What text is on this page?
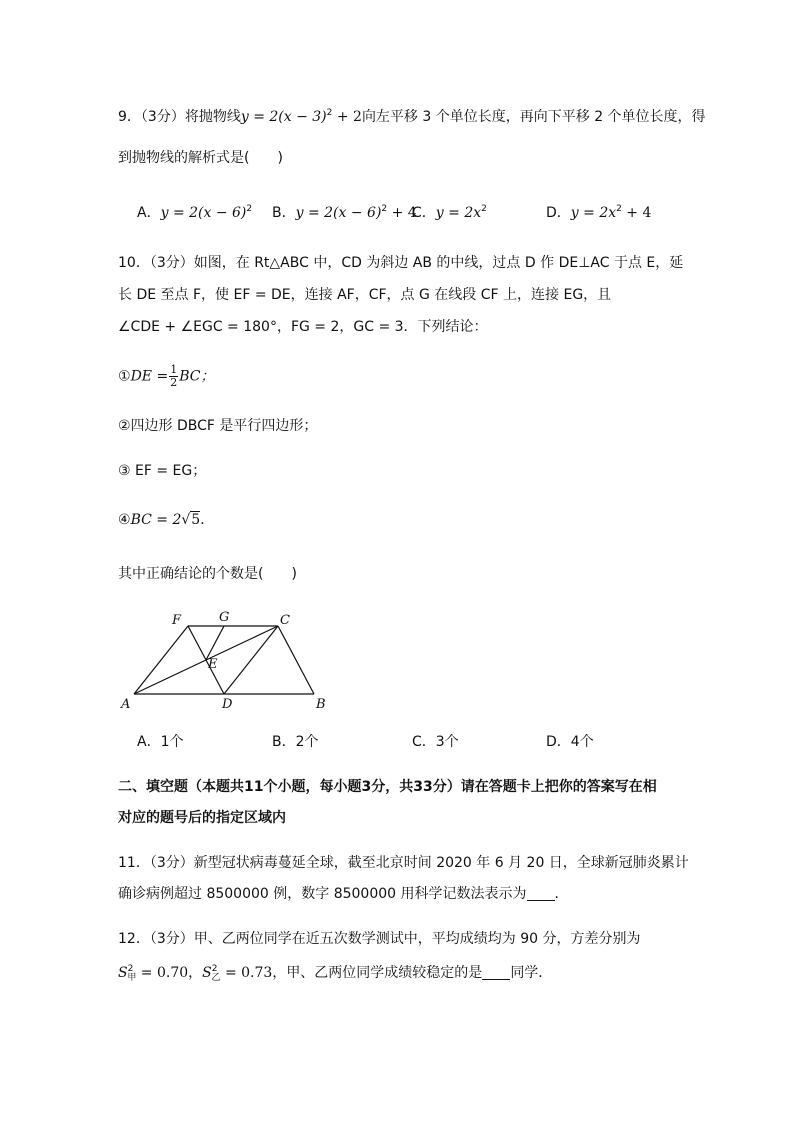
9．（3分）将抛物线$y = 2(x - 3)^2 + 2$向左平移 3 个单位长度，再向下平移 2 个单位长度，得
到抛物线的解析式是(　　)
A．$y = 2(x - 6)^2$ B．$y = 2(x - 6)^2 + 4$
C．$y = 2x^2$	D．$y = 2x^2 + 4$
10．（3分）如图，在 Rt△ABC 中，CD 为斜边 AB 的中线，过点 D 作 DE⊥AC 于点 E，延
长 DE 至点 F，使 EF = DE，连接 AF，CF，点 G 在线段 CF 上，连接 EG，且
∠CDE + ∠EGC = 180°，FG = 2，GC = 3．下列结论：
①DE = $\frac{1}{2}$ BC；
②四边形 DBCF 是平行四边形；
③ EF = EG；
④BC = 2√5．
其中正确结论的个数是(　　)
F	G	C
E
A	D	B
A．1个	B．2个	C．3个	D．4个
二、填空题（本题共11个小题，每小题3分，共33分）请在答题卡上把你的答案写在相
对应的题号后的指定区域内
11．（3分）新型冠状病毒蔓延全球，截至北京时间 2020 年 6 月 20 日，全球新冠肺炎累计
确诊病例超过 8500000 例，数字 8500000 用科学记数法表示为 ．
12．（3分）甲、乙两位同学在近五次数学测试中，平均成绩均为 90 分，方差分别为
$S^2_甲 = 0.70$，$S^2_乙 = 0.73$，甲、乙两位同学成绩较稳定的是 同学．
